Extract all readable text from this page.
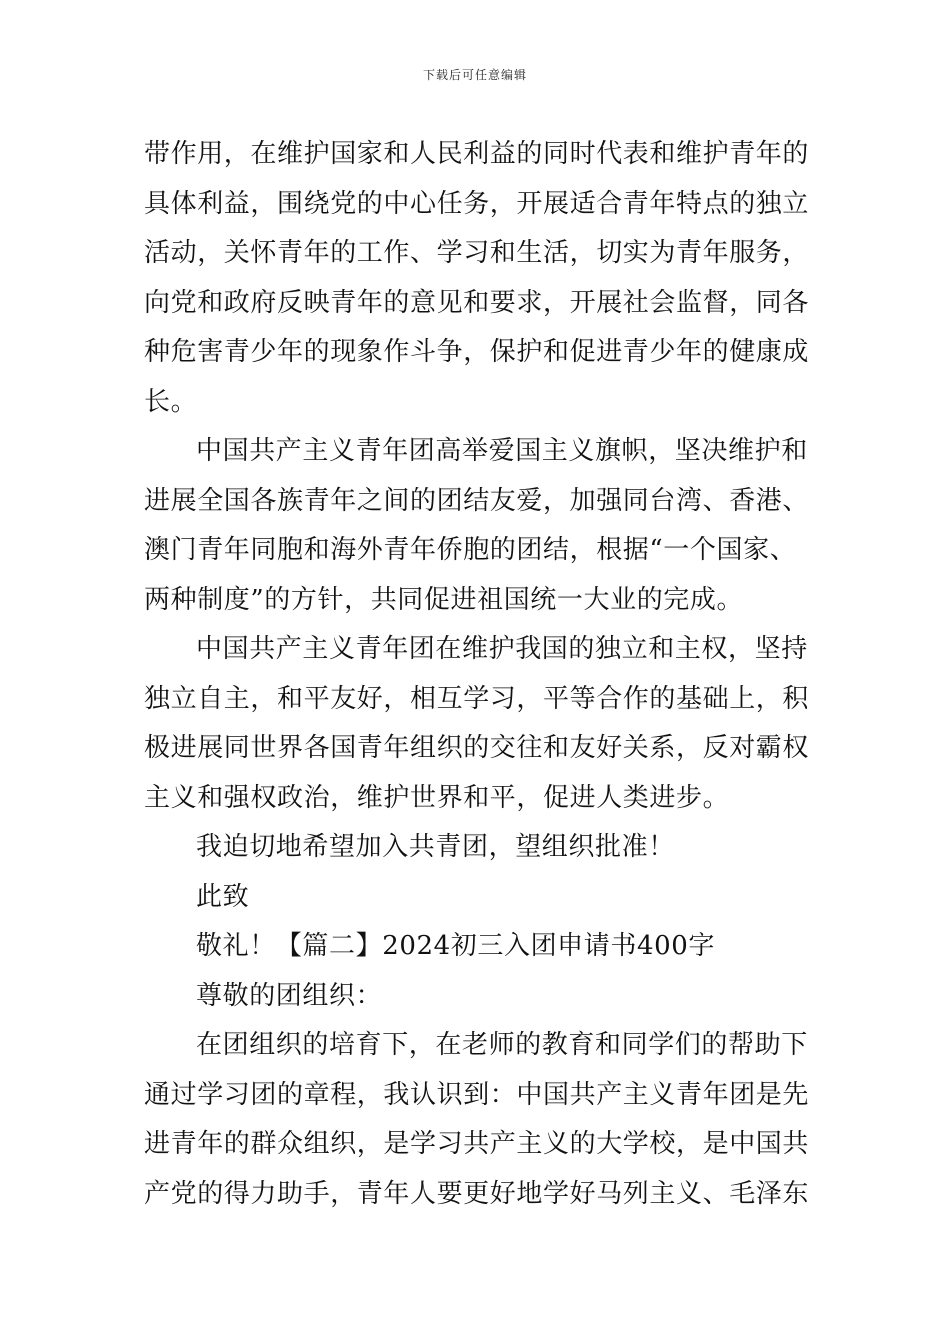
下载后可任意编辑
带作用，在维护国家和人民利益的同时代表和维护青年的
具体利益，围绕党的中心任务，开展适合青年特点的独立
活动，关怀青年的工作、学习和生活，切实为青年服务，
向党和政府反映青年的意见和要求，开展社会监督，同各
种危害青少年的现象作斗争，保护和促进青少年的健康成
长。
中国共产主义青年团高举爱国主义旗帜，坚决维护和
进展全国各族青年之间的团结友爱，加强同台湾、香港、
澳门青年同胞和海外青年侨胞的团结，根据“一个国家、
两种制度”的方针，共同促进祖国统一大业的完成。
中国共产主义青年团在维护我国的独立和主权，坚持
独立自主，和平友好，相互学习，平等合作的基础上，积
极进展同世界各国青年组织的交往和友好关系，反对霸权
主义和强权政治，维护世界和平，促进人类进步。
我迫切地希望加入共青团，望组织批准！
此致
敬礼！【篇二】2024初三入团申请书400字
尊敬的团组织：
在团组织的培育下，在老师的教育和同学们的帮助下
通过学习团的章程，我认识到：中国共产主义青年团是先
进青年的群众组织，是学习共产主义的大学校，是中国共
产党的得力助手，青年人要更好地学好马列主义、毛泽东
